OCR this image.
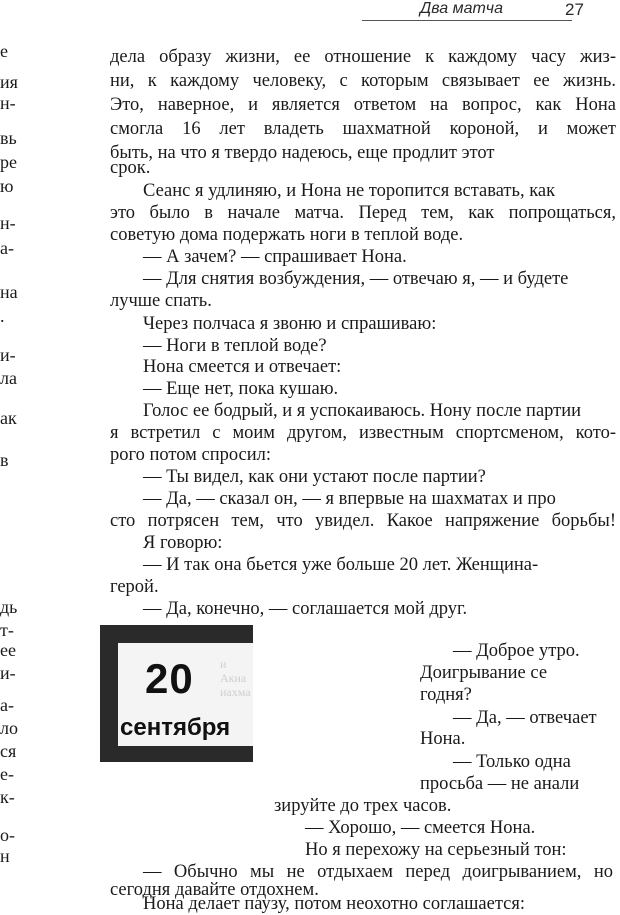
Два матча	27
е
ия
н-
вь
ре
ю
н-
а-
на
.
и-
ла
ак
в
дь
т-
ее
и-
а-
ло
ся
е-
к-
о-
н
дела образу жизни, ее отношение к каждому часу жиз-
ни, к каждому человеку, с которым связывает ее жизнь.
Это, наверное, и является ответом на вопрос, как Нона
смогла 16 лет владеть шахматной короной, и может
быть, на что я твердо надеюсь, еще продлит этот
срок.
Сеанс я удлиняю, и Нона не торопится вставать, как
это было в начале матча. Перед тем, как попрощаться,
советую дома подержать ноги в теплой воде.
— А зачем? — спрашивает Нона.
— Для снятия возбуждения, — отвечаю я, — и будете
лучше спать.
Через полчаса я звоню и спрашиваю:
— Ноги в теплой воде?
Нона смеется и отвечает:
— Еще нет, пока кушаю.
Голос ее бодрый, и я успокаиваюсь. Нону после партии
я встретил с моим другом, известным спортсменом, кото-
рого потом спросил:
— Ты видел, как они устают после партии?
— Да, — сказал он, — я впервые на шахматах и про
сто потрясен тем, что увидел. Какое напряжение борьбы!
Я говорю:
— И так она бьется уже больше 20 лет. Женщина-
герой.
— Да, конечно, — соглашается мой друг.
и
Акиа
иахма
20
сентября
— Доброе утро.
Доигрывание се
годня?
— Да, — отвечает
Нона.
— Только одна
просьба — не анали
зируйте до трех часов.
— Хорошо, — смеется Нона.
Но я перехожу на серьезный тон:
— Обычно мы не отдыхаем перед доигрыванием, но
сегодня давайте отдохнем.
Нона делает паузу, потом неохотно соглашается:
